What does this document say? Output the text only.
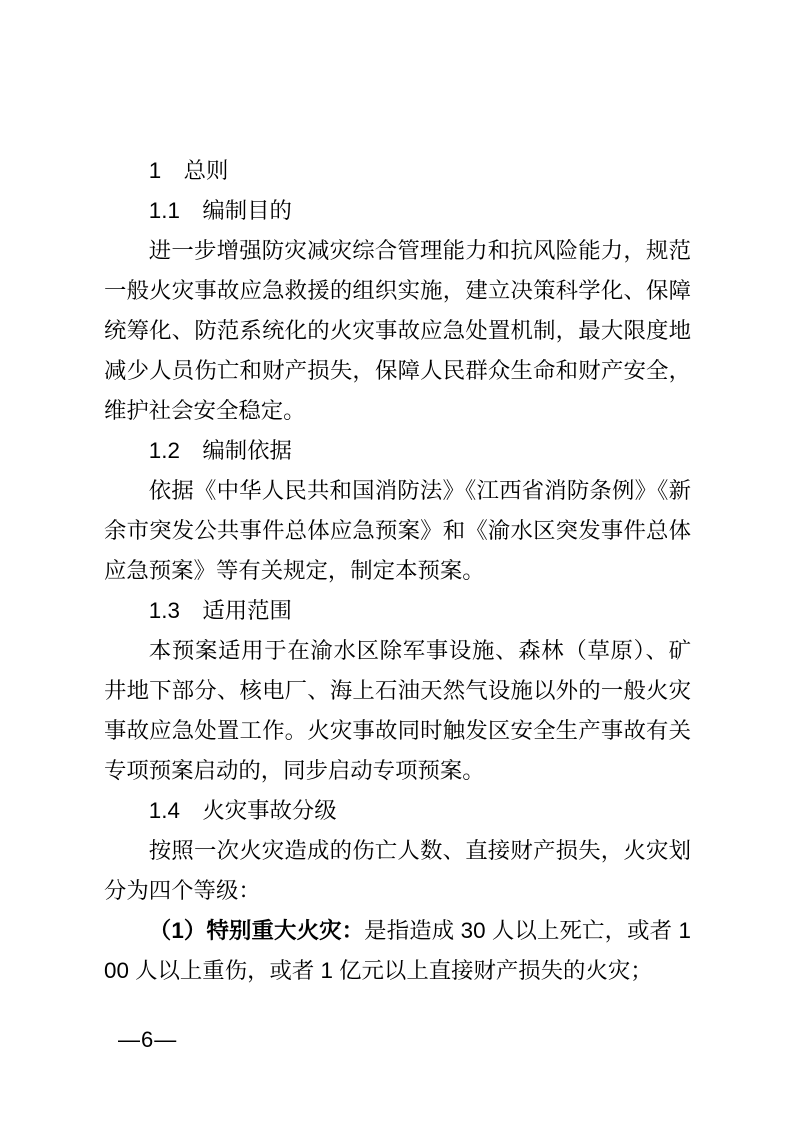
1　总则

1.1　编制目的

进一步增强防灾减灾综合管理能力和抗风险能力，规范一般火灾事故应急救援的组织实施，建立决策科学化、保障统筹化、防范系统化的火灾事故应急处置机制，最大限度地减少人员伤亡和财产损失，保障人民群众生命和财产安全，维护社会安全稳定。

1.2　编制依据

依据《中华人民共和国消防法》《江西省消防条例》《新余市突发公共事件总体应急预案》和《渝水区突发事件总体应急预案》等有关规定，制定本预案。

1.3　适用范围

本预案适用于在渝水区除军事设施、森林（草原）、矿井地下部分、核电厂、海上石油天然气设施以外的一般火灾事故应急处置工作。火灾事故同时触发区安全生产事故有关专项预案启动的，同步启动专项预案。

1.4　火灾事故分级

按照一次火灾造成的伤亡人数、直接财产损失，火灾划分为四个等级：

（1）特别重大火灾：是指造成 30 人以上死亡，或者 100 人以上重伤，或者 1 亿元以上直接财产损失的火灾；

—6—
